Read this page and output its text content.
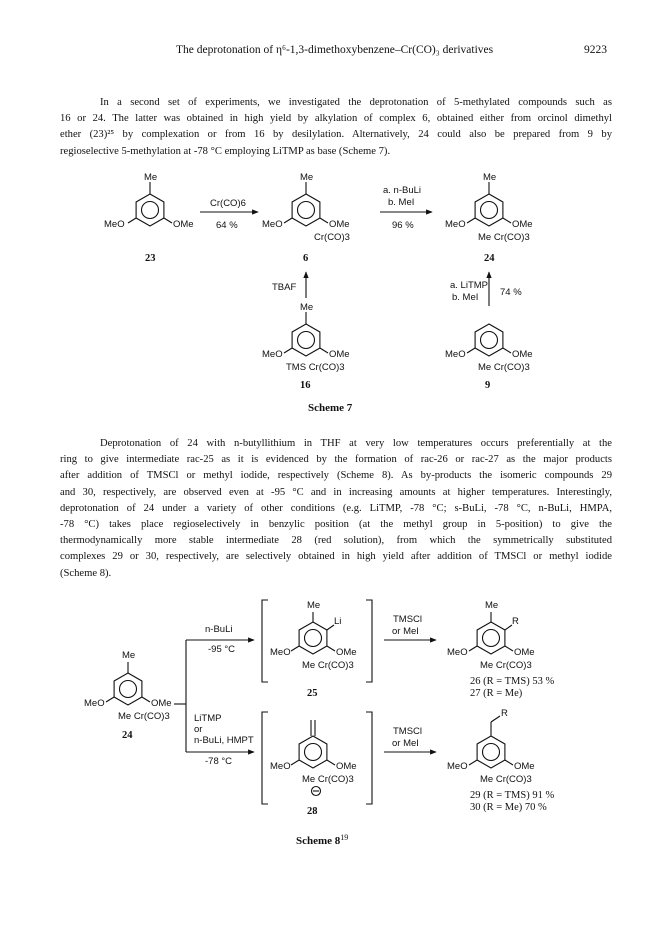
The deprotonation of η⁶-1,3-dimethoxybenzene–Cr(CO)₃ derivatives	9223
In a second set of experiments, we investigated the deprotonation of 5-methylated compounds such as
16 or 24. The latter was obtained in high yield by alkylation of complex 6, obtained either from orcinol dimethyl
ether (23)²⁵ by complexation or from 16 by desilylation. Alternatively, 24 could also be prepared from 9 by
regioselective 5-methylation at -78 °C employing LiTMP as base (Scheme 7).
Me
MeO	OMe
23
Cr(CO)6
64 %
Me
MeO	OMe
Cr(CO)3
6
a. n-BuLi
b. MeI
96 %
Me
MeO	OMe
Me Cr(CO)3
24
TBAF	a. LiTMP
b. MeI 74 %
Me
MeO	OMe
TMS Cr(CO)3
16
MeO	OMe
Me Cr(CO)3
9
Scheme 7
Deprotonation of 24 with n-butyllithium in THF at very low temperatures occurs preferentially at the
ring to give intermediate rac-25 as it is evidenced by the formation of rac-26 or rac-27 as the major products
after addition of TMSCl or methyl iodide, respectively (Scheme 8). As by-products the isomeric compounds 29
and 30, respectively, are observed even at -95 °C and in increasing amounts at higher temperatures. Interestingly,
deprotonation of 24 under a variety of other conditions (e.g. LiTMP, -78 °C; s-BuLi, -78 °C, n-BuLi, HMPA,
-78 °C) takes place regioselectively in benzylic position (at the methyl group in 5-position) to give the
thermodynamically more stable intermediate 28 (red solution), from which the symmetrically substituted
complexes 29 or 30, respectively, are selectively obtained in high yield after addition of TMSCl or methyl iodide
(Scheme 8).
Me
MeO	OMe
Me Cr(CO)3
24
n-BuLi
-95 °C
LiTMP
or
n-BuLi, HMPT
-78 °C
Me
Li
MeO	OMe
Me Cr(CO)3
25
TMSCl
or MeI
Me
R
MeO	OMe
Me Cr(CO)3
26 (R = TMS) 53 %
27 (R = Me)
MeO	OMe
Me Cr(CO)3
28
TMSCl
or MeI
R
MeO	OMe
Me Cr(CO)3
29 (R = TMS) 91 %
30 (R = Me) 70 %
Scheme $8^{19}$
